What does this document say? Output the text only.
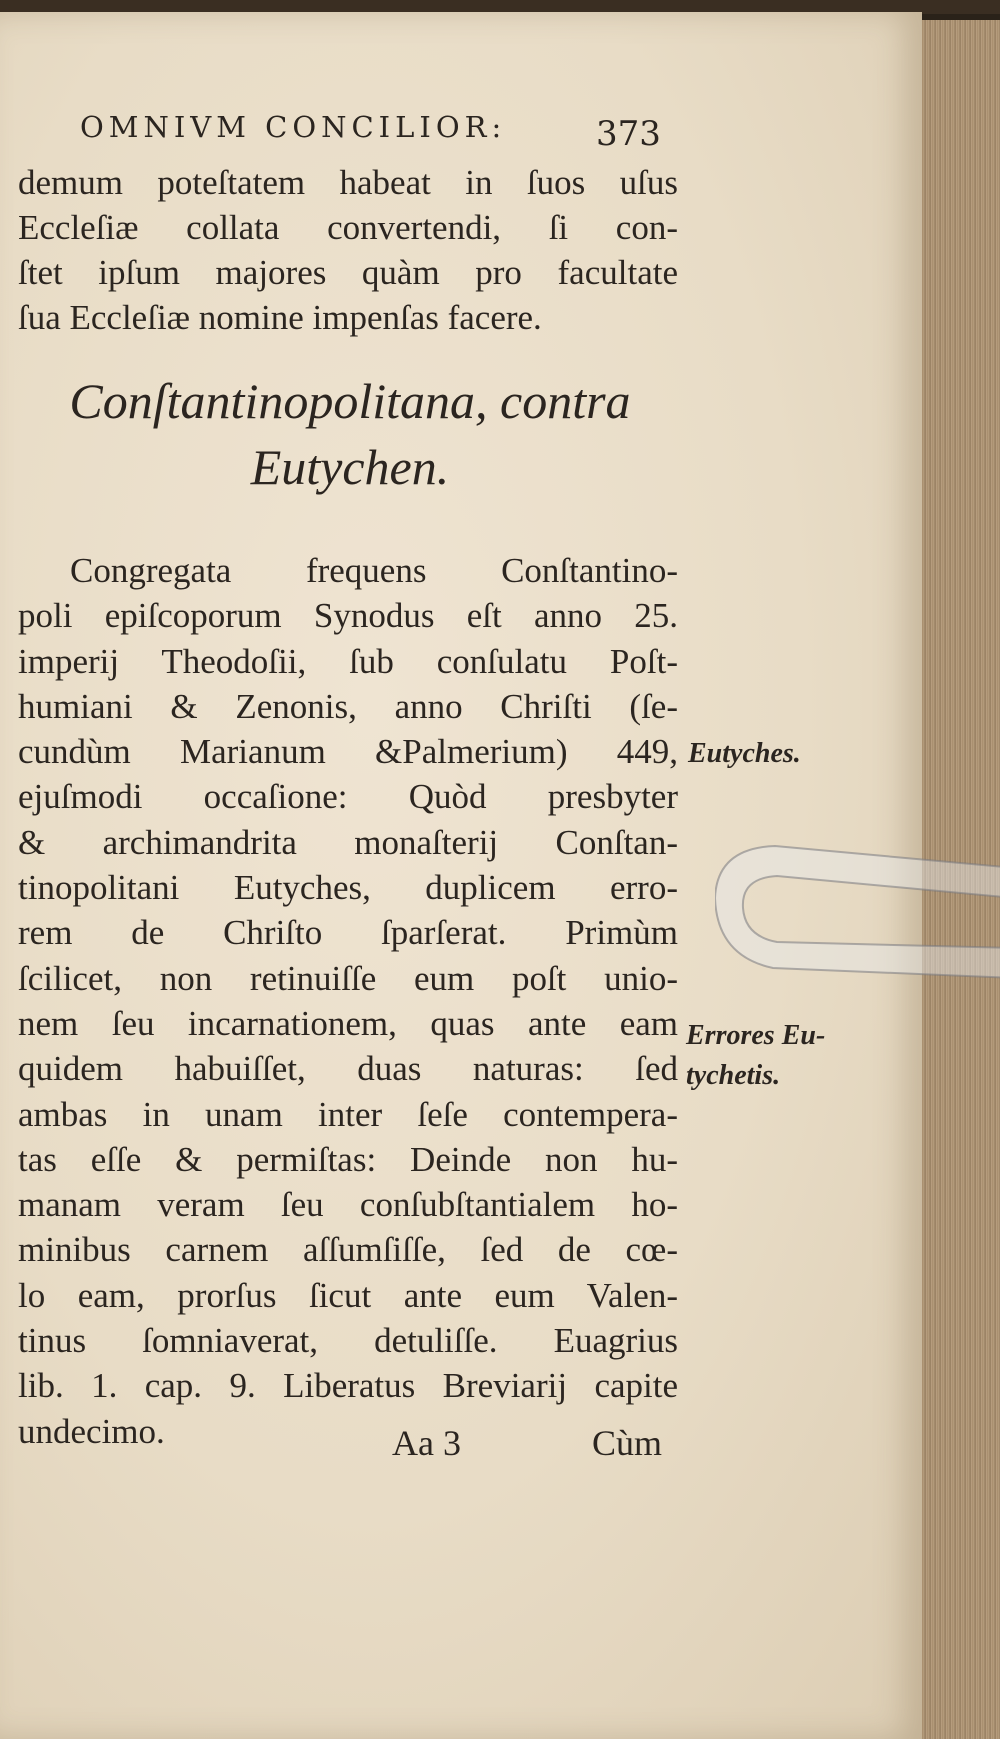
OMNIVM CONCILIOR:	373
demum poteſtatem habeat in ſuos uſus
Eccleſiæ collata convertendi, ſi con-
ſtet ipſum majores quàm pro facultate
ſua Eccleſiæ nomine impenſas facere.
Conſtantinopolitana, contra
Eutychen.
Congregata frequens Conſtantino-
poli epiſcoporum Synodus eſt anno 25.
imperij Theodoſii, ſub conſulatu Poſt-
humiani & Zenonis, anno Chriſti (ſe-
cundùm Marianum &Palmerium) 449,
ejuſmodi occaſione: Quòd presbyter
& archimandrita monaſterij Conſtan-
tinopolitani Eutyches, duplicem erro-
rem de Chriſto ſparſerat. Primùm
ſcilicet, non retinuiſſe eum poſt unio-
nem ſeu incarnationem, quas ante eam
quidem habuiſſet, duas naturas: ſed
ambas in unam inter ſeſe contempera-
tas eſſe & permiſtas: Deinde non hu-
manam veram ſeu conſubſtantialem ho-
minibus carnem aſſumſiſſe, ſed de cœ-
lo eam, prorſus ſicut ante eum Valen-
tinus ſomniaverat, detuliſſe. Euagrius
lib. 1. cap. 9. Liberatus Breviarij capite
undecimo.
Eutyches.
Errores Eu-
tychetis.
Aa 3	Cùm
